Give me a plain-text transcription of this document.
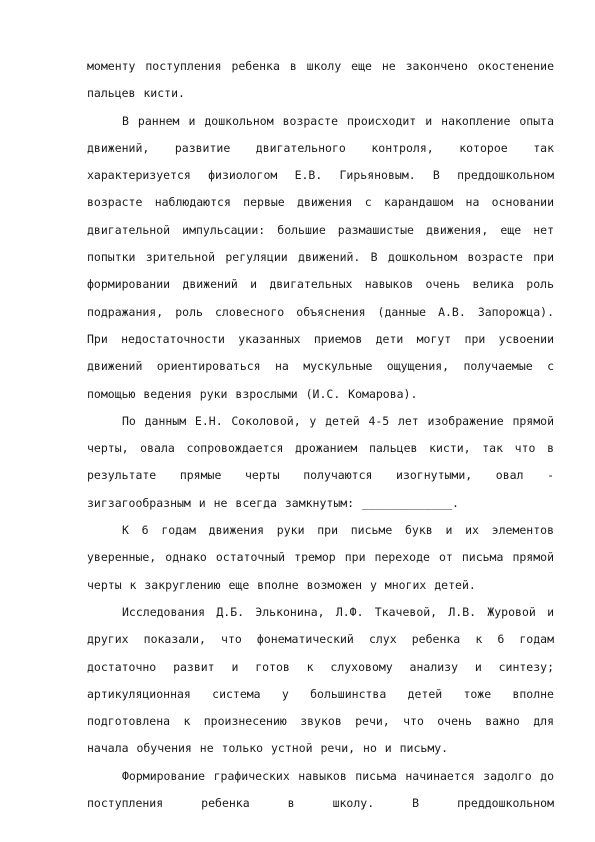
моменту поступления ребенка в школу еще не закончено окостенение пальцев кисти.

В раннем и дошкольном возрасте происходит и накопление опыта движений, развитие двигательного контроля, которое так характеризуется физиологом Е.В. Гирьяновым. В преддошкольном возрасте наблюдаются первые движения с карандашом на основании двигательной импульсации: большие размашистые движения, еще нет попытки зрительной регуляции движений. В дошкольном возрасте при формировании движений и двигательных навыков очень велика роль подражания, роль словесного объяснения (данные А.В. Запорожца). При недостаточности указанных приемов дети могут при усвоении движений ориентироваться на мускульные ощущения, получаемые с помощью ведения руки взрослыми (И.С. Комарова).

По данным Е.Н. Соколовой, у детей 4-5 лет изображение прямой черты, овала сопровождается дрожанием пальцев кисти, так что в результате прямые черты получаются изогнутыми, овал - зигзагообразным и не всегда замкнутым: _____________.

К 6 годам движения руки при письме букв и их элементов уверенные, однако остаточный тремор при переходе от письма прямой черты к закруглению еще вполне возможен у многих детей.

Исследования Д.Б. Эльконина, Л.Ф. Ткачевой, Л.В. Журовой и других показали, что фонематический слух ребенка к 6 годам достаточно развит и готов к слуховому анализу и синтезу; артикуляционная система у большинства детей тоже вполне подготовлена к произнесению звуков речи, что очень важно для начала обучения не только устной речи, но и письму.

Формирование графических навыков письма начинается задолго до поступления ребенка в школу. В преддошкольном
